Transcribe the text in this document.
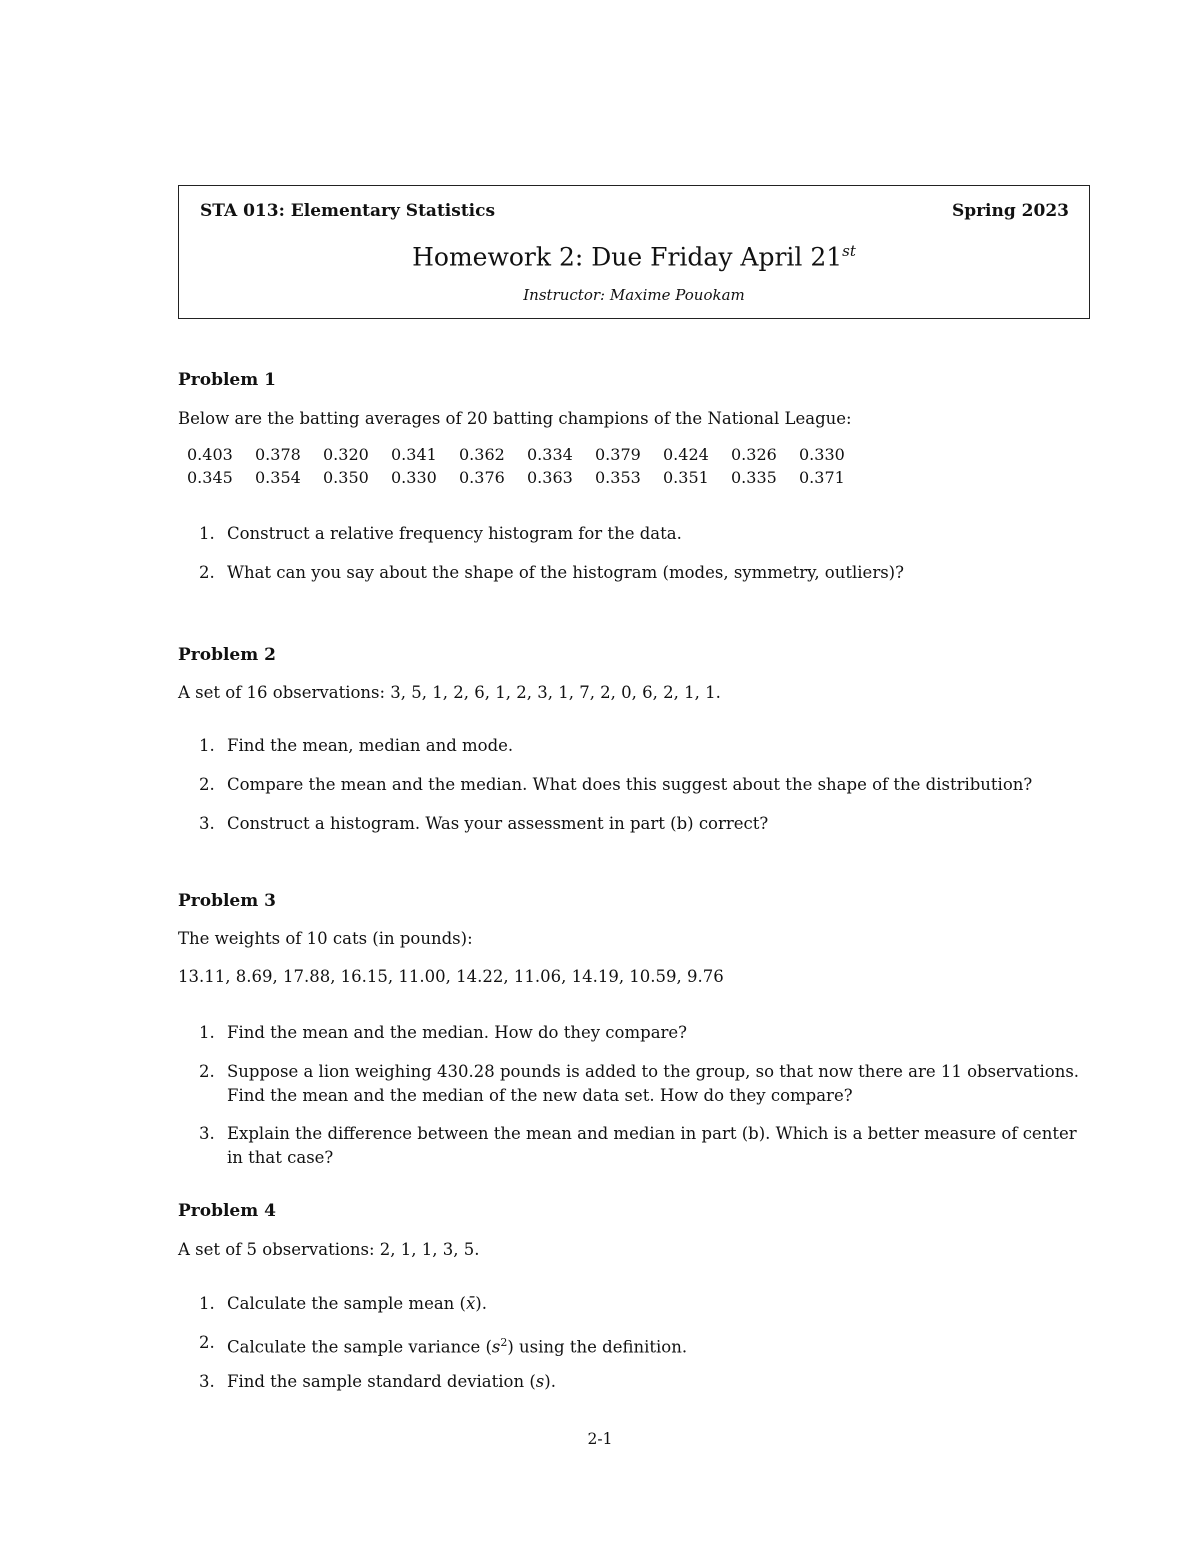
STA 013: Elementary Statistics	Spring 2023
Homework 2: Due Friday April 21st
Instructor: Maxime Pouokam
Problem 1
Below are the batting averages of 20 batting champions of the National League:
0.403	0.378	0.320	0.341	0.362	0.334	0.379	0.424	0.326	0.330
0.345	0.354	0.350	0.330	0.376	0.363	0.353	0.351	0.335	0.371
1. Construct a relative frequency histogram for the data.
2. What can you say about the shape of the histogram (modes, symmetry, outliers)?
Problem 2
A set of 16 observations: 3, 5, 1, 2, 6, 1, 2, 3, 1, 7, 2, 0, 6, 2, 1, 1.
1. Find the mean, median and mode.
2. Compare the mean and the median. What does this suggest about the shape of the distribution?
3. Construct a histogram. Was your assessment in part (b) correct?
Problem 3
The weights of 10 cats (in pounds):
13.11, 8.69, 17.88, 16.15, 11.00, 14.22, 11.06, 14.19, 10.59, 9.76
1. Find the mean and the median. How do they compare?
2. Suppose a lion weighing 430.28 pounds is added to the group, so that now there are 11 observations.
Find the mean and the median of the new data set. How do they compare?
3. Explain the difference between the mean and median in part (b). Which is a better measure of center
in that case?
Problem 4
A set of 5 observations: 2, 1, 1, 3, 5.
1. Calculate the sample mean (x̄).
2. Calculate the sample variance $(s^2)$ using the definition.
3. Find the sample standard deviation (s).
2-1
